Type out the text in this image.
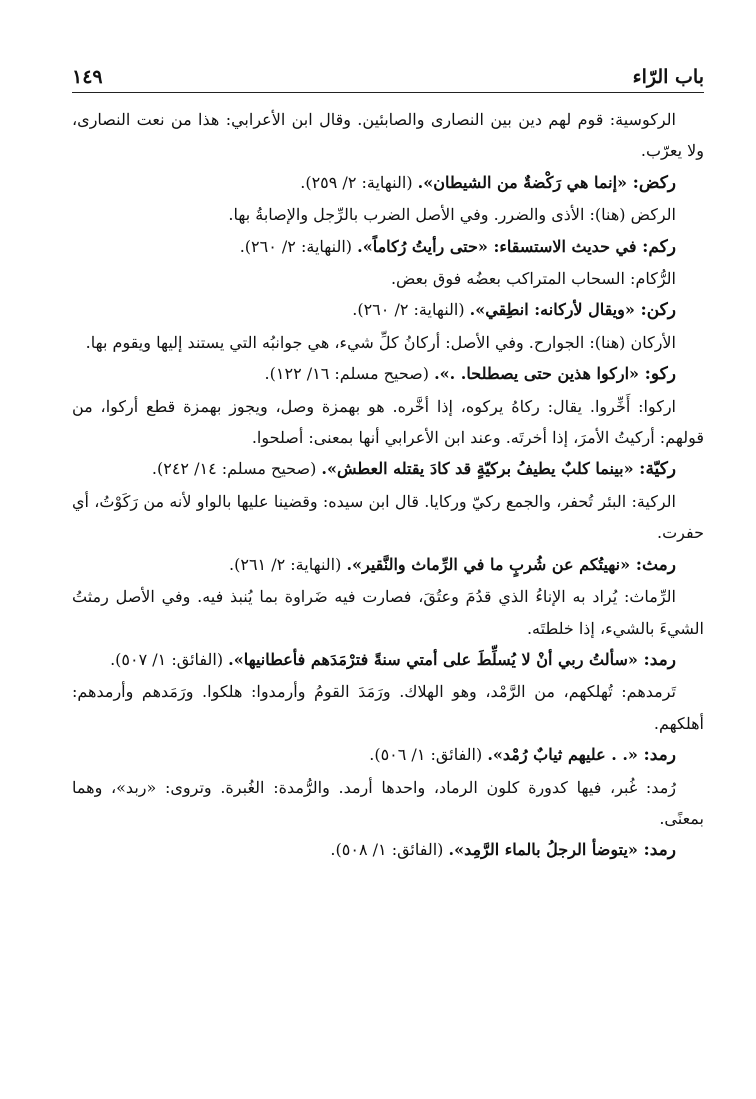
باب الرّاء
١٤٩

الركوسية: قوم لهم دين بين النصارى والصابئين. وقال ابن الأعرابي: هذا من نعت النصارى، ولا يعرّب.

ركض: «إنما هي رَكْضةٌ من الشيطان». (النهاية: ٢/ ٢٥٩).

الركض (هنا): الأذى والضرر. وفي الأصل الضرب بالرِّجل والإصابةُ بها.

ركم: في حديث الاستسقاء: «حتى رأيتُ رُكاماً». (النهاية: ٢/ ٢٦٠).

الرُّكام: السحاب المتراكب بعضُه فوق بعض.

ركن: «ويقال لأركانه: انطِقي». (النهاية: ٢/ ٢٦٠).

الأركان (هنا): الجوارح. وفي الأصل: أركانُ كلِّ شيء، هي جوانبُه التي يستند إليها ويقوم بها.

ركو: «اركوا هذين حتى يصطلحا. .». (صحيح مسلم: ١٦/ ١٢٢).

اركوا: أَخِّروا. يقال: ركاهُ يركوه، إذا أخَّره. هو بهمزة وصل، ويجوز بهمزة قطع أركوا، من قولهم: أركيتُ الأمرَ، إذا أخرتَه. وعند ابن الأعرابي أنها بمعنى: أصلحوا.

ركيّة: «بينما كلبٌ يطيفُ بركيّةٍ قد كادَ يقتله العطش». (صحيح مسلم: ١٤/ ٢٤٢).

الركية: البئر تُحفر، والجمع ركيّ وركايا. قال ابن سيده: وقضينا عليها بالواو لأنه من رَكَوْتُ، أي حفرت.

رمث: «نهيتُكم عن شُربٍ ما في الرِّماث والنَّقير». (النهاية: ٢/ ٢٦١).

الرِّماث: يُراد به الإناءُ الذي قدُمَ وعتُقَ، فصارت فيه ضَراوة بما يُنبذ فيه. وفي الأصل رمثتُ الشيءَ بالشيء، إذا خلطتَه.

رمد: «سألتُ ربي أنْ لا يُسلِّطَ على أمتي سنةً فترْمَدَهم فأعطانيها». (الفائق: ١/ ٥٠٧).

تَرمدهم: تُهلكهم، من الرَّمْد، وهو الهلاك. ورَمَدَ القومُ وأرمدوا: هلكوا. ورَمَدهم وأرمدهم: أهلكهم.

رمد: «. . عليهم ثيابٌ رُمْد». (الفائق: ١/ ٥٠٦).

رُمد: غُبر، فيها كدورة كلون الرماد، واحدها أرمد. والرُّمدة: الغُبرة. وتروى: «ربد»، وهما بمعنًى.

رمد: «يتوضأ الرجلُ بالماء الرَّمِد». (الفائق: ١/ ٥٠٨).
